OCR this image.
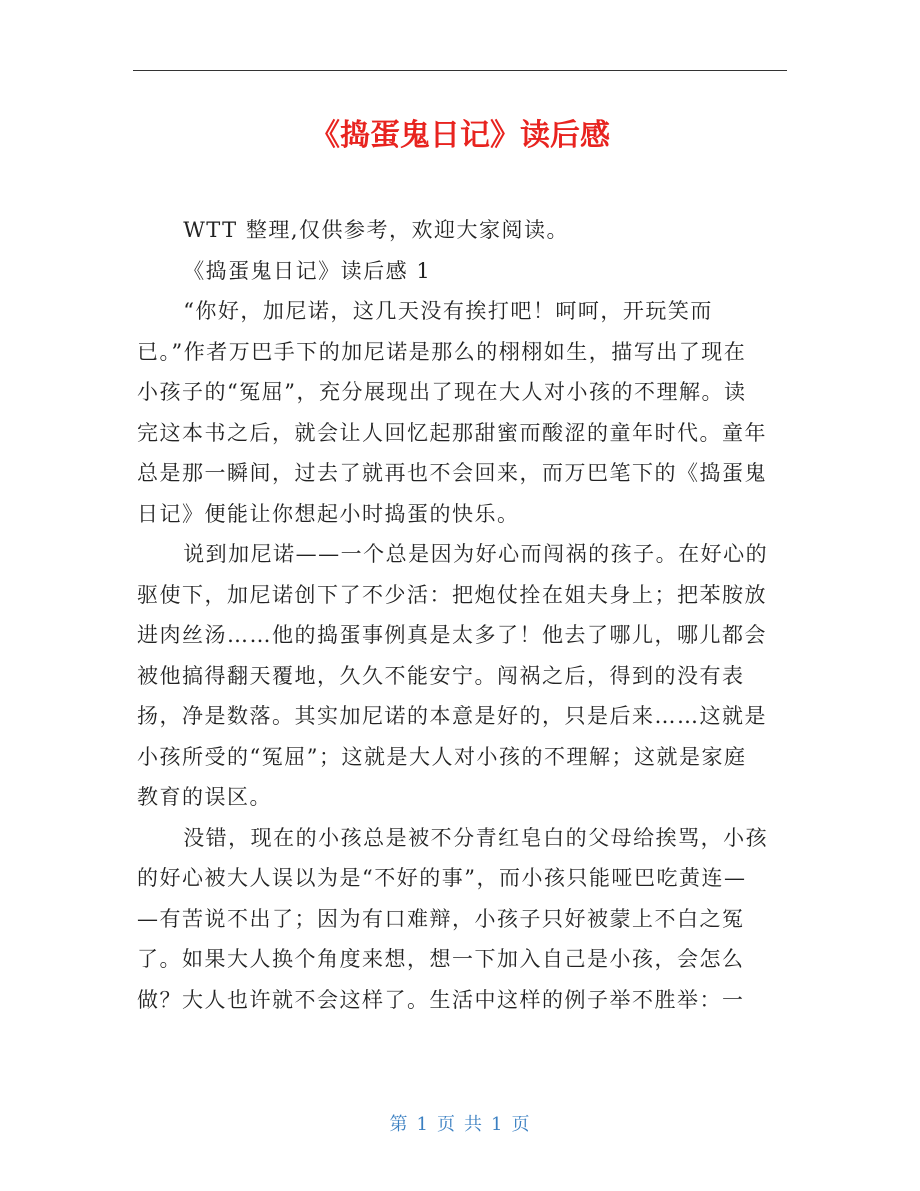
《捣蛋鬼日记》读后感

WTT 整理,仅供参考，欢迎大家阅读。

《捣蛋鬼日记》读后感 1

“你好，加尼诺，这几天没有挨打吧！呵呵，开玩笑而
已。”作者万巴手下的加尼诺是那么的栩栩如生，描写出了现在
小孩子的“冤屈”，充分展现出了现在大人对小孩的不理解。读
完这本书之后，就会让人回忆起那甜蜜而酸涩的童年时代。童年
总是那一瞬间，过去了就再也不会回来，而万巴笔下的《捣蛋鬼
日记》便能让你想起小时捣蛋的快乐。

说到加尼诺——一个总是因为好心而闯祸的孩子。在好心的
驱使下，加尼诺创下了不少活：把炮仗拴在姐夫身上；把苯胺放
进肉丝汤……他的捣蛋事例真是太多了！他去了哪儿，哪儿都会
被他搞得翻天覆地，久久不能安宁。闯祸之后，得到的没有表
扬，净是数落。其实加尼诺的本意是好的，只是后来……这就是
小孩所受的“冤屈”；这就是大人对小孩的不理解；这就是家庭
教育的误区。

没错，现在的小孩总是被不分青红皂白的父母给挨骂，小孩
的好心被大人误以为是“不好的事”，而小孩只能哑巴吃黄连—
—有苦说不出了；因为有口难辩，小孩子只好被蒙上不白之冤
了。如果大人换个角度来想，想一下加入自己是小孩，会怎么
做？大人也许就不会这样了。生活中这样的例子举不胜举：一

第 1 页 共 1 页
